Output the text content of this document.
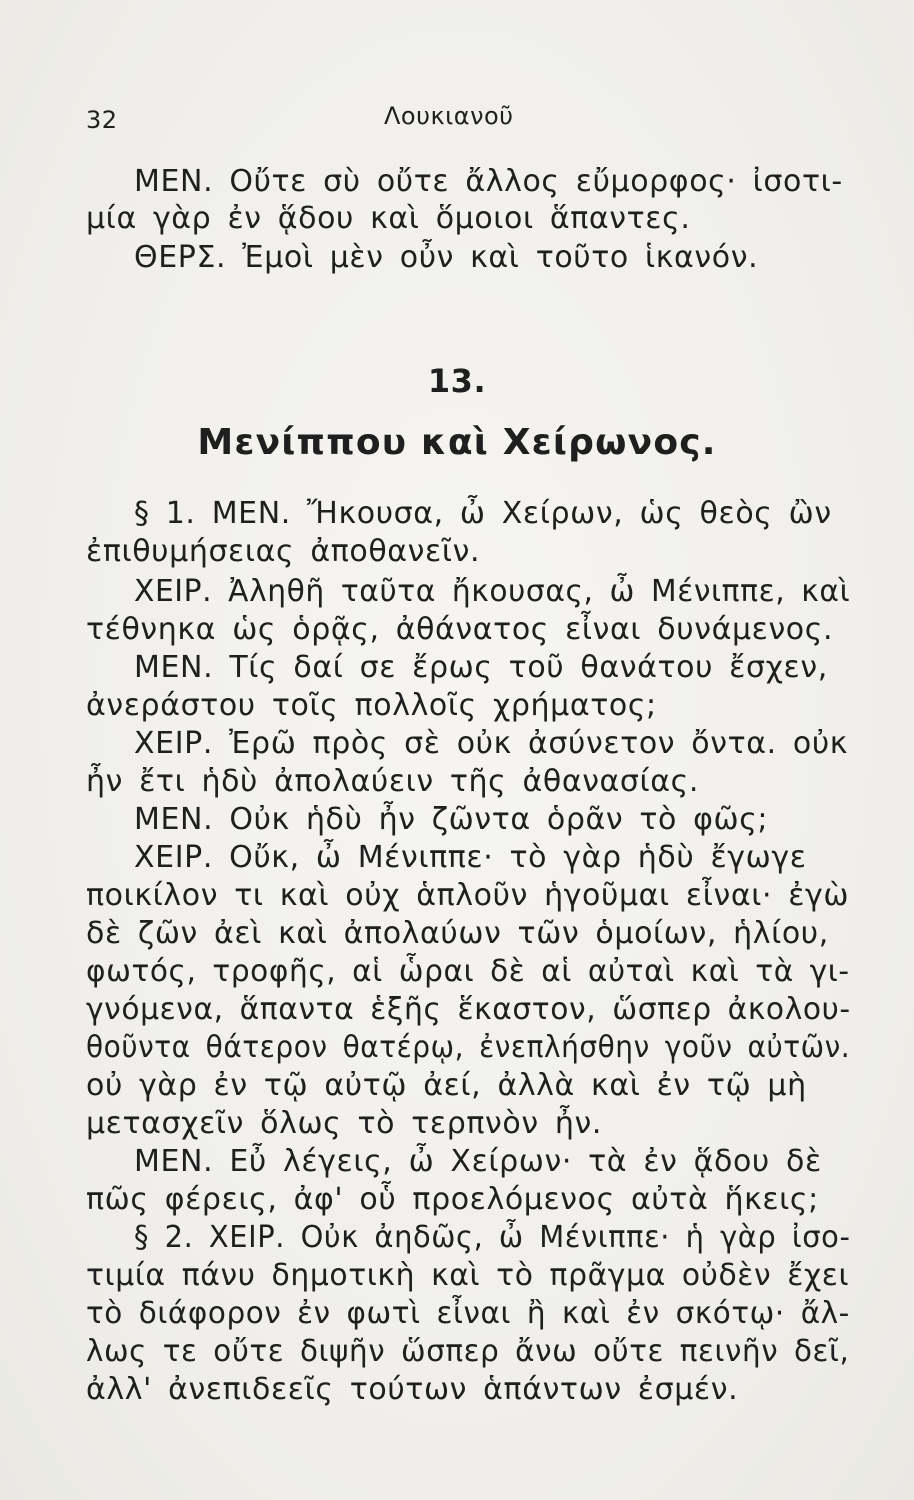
32	Λουκιανοῦ
ΜΕΝ. Οὔτε σὺ οὔτε ἄλλος εὔμορφος· ἰσοτι-
μία γὰρ ἐν ᾅδου καὶ ὅμοιοι ἅπαντες.
ΘΕΡΣ. Ἐμοὶ μὲν οὖν καὶ τοῦτο ἱκανόν.
13.
Μενίππου καὶ Χείρωνος.
§ 1. ΜΕΝ. Ἤκουσα, ὦ Χείρων, ὡς θεὸς ὢν
ἐπιθυμήσειας ἀποθανεῖν.
ΧΕΙΡ. Ἀληθῆ ταῦτα ἤκουσας, ὦ Μένιππε, καὶ
τέθνηκα ὡς ὁρᾷς, ἀθάνατος εἶναι δυνάμενος.
ΜΕΝ. Τίς δαί σε ἔρως τοῦ θανάτου ἔσχεν,
ἀνεράστου τοῖς πολλοῖς χρήματος;
ΧΕΙΡ. Ἐρῶ πρὸς σὲ οὐκ ἀσύνετον ὄντα. οὐκ
ἦν ἔτι ἡδὺ ἀπολαύειν τῆς ἀθανασίας.
ΜΕΝ. Οὐκ ἡδὺ ἦν ζῶντα ὁρᾶν τὸ φῶς;
ΧΕΙΡ. Οὔκ, ὦ Μένιππε· τὸ γὰρ ἡδὺ ἔγωγε
ποικίλον τι καὶ οὐχ ἁπλοῦν ἡγοῦμαι εἶναι· ἐγὼ
δὲ ζῶν ἀεὶ καὶ ἀπολαύων τῶν ὁμοίων, ἡλίου,
φωτός, τροφῆς, αἱ ὧραι δὲ αἱ αὐταὶ καὶ τὰ γι-
γνόμενα, ἅπαντα ἑξῆς ἕκαστον, ὥσπερ ἀκολου-
θοῦντα θάτερον θατέρῳ, ἐνεπλήσθην γοῦν αὐτῶν.
οὐ γὰρ ἐν τῷ αὐτῷ ἀεί, ἀλλὰ καὶ ἐν τῷ μὴ
μετασχεῖν ὅλως τὸ τερπνὸν ἦν.
ΜΕΝ. Εὖ λέγεις, ὦ Χείρων· τὰ ἐν ᾅδου δὲ
πῶς φέρεις, ἀφ' οὗ προελόμενος αὐτὰ ἥκεις;
§ 2. ΧΕΙΡ. Οὐκ ἀηδῶς, ὦ Μένιππε· ἡ γὰρ ἰσο-
τιμία πάνυ δημοτικὴ καὶ τὸ πρᾶγμα οὐδὲν ἔχει
τὸ διάφορον ἐν φωτὶ εἶναι ἢ καὶ ἐν σκότῳ· ἄλ-
λως τε οὔτε διψῆν ὥσπερ ἄνω οὔτε πεινῆν δεῖ,
ἀλλ' ἀνεπιδεεῖς τούτων ἁπάντων ἐσμέν.
